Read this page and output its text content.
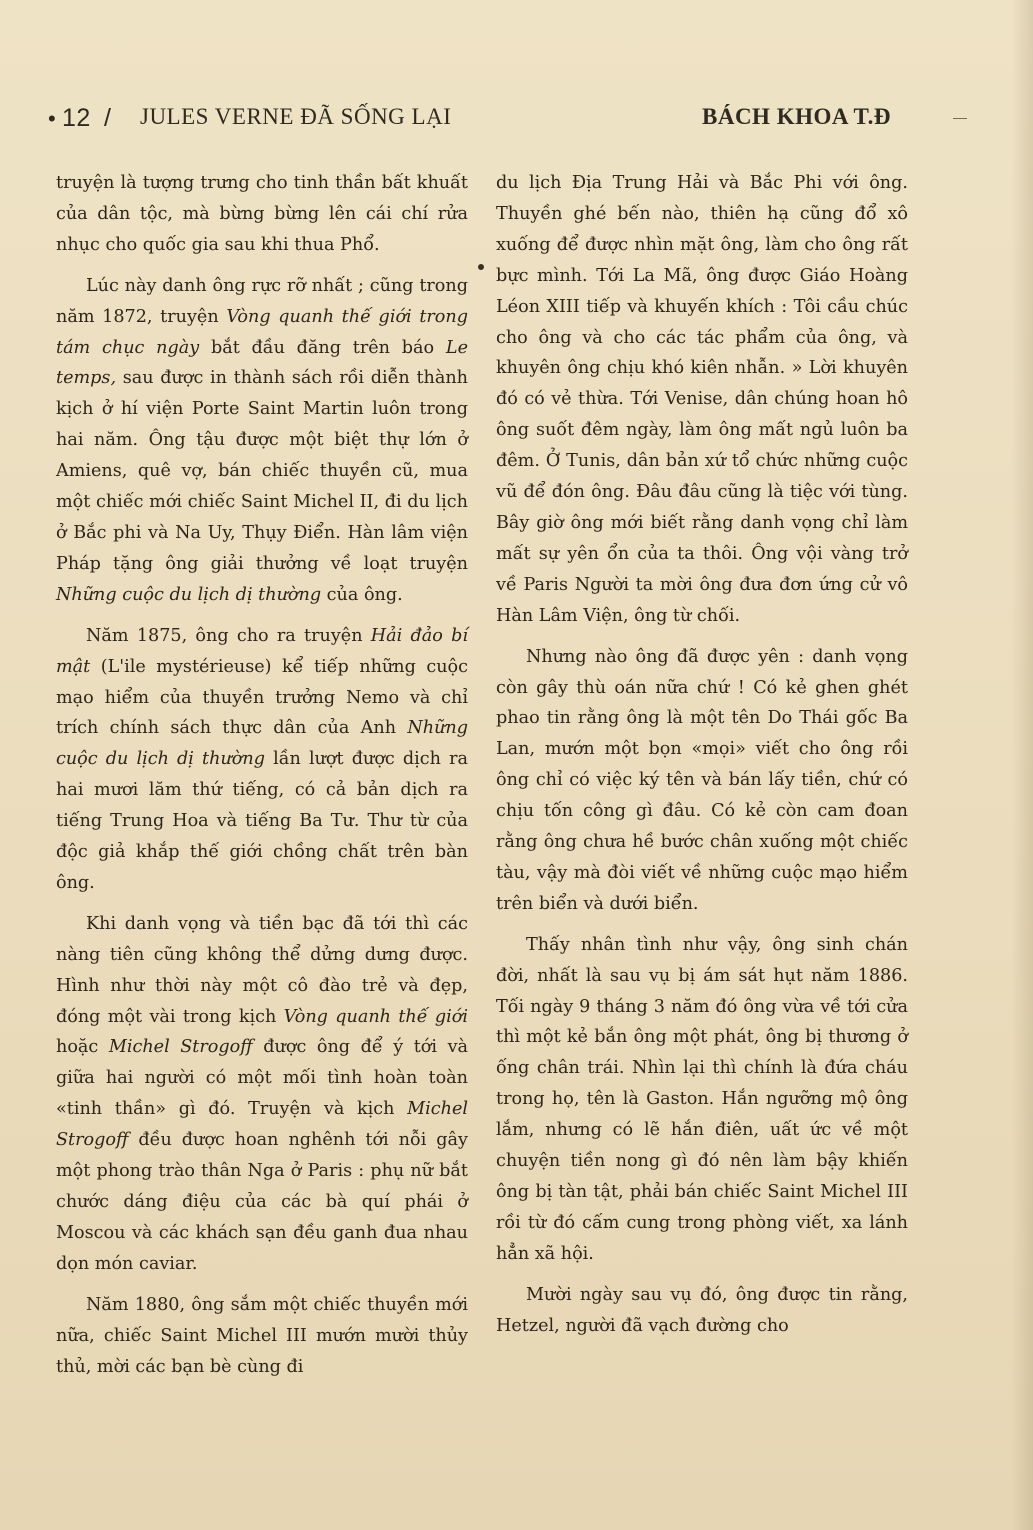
• 12 / JULES VERNE ĐÃ SỐNG LẠI	BÁCH KHOA T.Đ

truyện là tượng trưng cho tinh thần bất khuất của dân tộc, mà bừng bừng lên cái chí rửa nhục cho quốc gia sau khi thua Phổ.

Lúc này danh ông rực rỡ nhất ; cũng trong năm 1872, truyện Vòng quanh thế giới trong tám chục ngày bắt đầu đăng trên báo Le temps, sau được in thành sách rồi diễn thành kịch ở hí viện Porte Saint Martin luôn trong hai năm. Ông tậu được một biệt thự lớn ở Amiens, quê vợ, bán chiếc thuyền cũ, mua một chiếc mới chiếc Saint Michel II, đi du lịch ở Bắc phi và Na Uy, Thụy Điển. Hàn lâm viện Pháp tặng ông giải thưởng về loạt truyện Những cuộc du lịch dị thường của ông.

Năm 1875, ông cho ra truyện Hải đảo bí mật (L'ile mystérieuse) kể tiếp những cuộc mạo hiểm của thuyền trưởng Nemo và chỉ trích chính sách thực dân của Anh Những cuộc du lịch dị thường lần lượt được dịch ra hai mươi lăm thứ tiếng, có cả bản dịch ra tiếng Trung Hoa và tiếng Ba Tư. Thư từ của độc giả khắp thế giới chồng chất trên bàn ông.

Khi danh vọng và tiền bạc đã tới thì các nàng tiên cũng không thể dửng dưng được. Hình như thời này một cô đào trẻ và đẹp, đóng một vài trong kịch Vòng quanh thế giới hoặc Michel Strogoff được ông để ý tới và giữa hai người có một mối tình hoàn toàn «tinh thần» gì đó. Truyện và kịch Michel Strogoff đều được hoan nghênh tới nỗi gây một phong trào thân Nga ở Paris : phụ nữ bắt chước dáng điệu của các bà quí phái ở Moscou và các khách sạn đều ganh đua nhau dọn món caviar.

Năm 1880, ông sắm một chiếc thuyền mới nữa, chiếc Saint Michel III mướn mười thủy thủ, mời các bạn bè cùng đi

du lịch Địa Trung Hải và Bắc Phi với ông. Thuyền ghé bến nào, thiên hạ cũng đổ xô xuống để được nhìn mặt ông, làm cho ông rất bực mình. Tới La Mã, ông được Giáo Hoàng Léon XIII tiếp và khuyến khích : Tôi cầu chúc cho ông và cho các tác phẩm của ông, và khuyên ông chịu khó kiên nhẫn. » Lời khuyên đó có vẻ thừa. Tới Venise, dân chúng hoan hô ông suốt đêm ngày, làm ông mất ngủ luôn ba đêm. Ở Tunis, dân bản xứ tổ chức những cuộc vũ để đón ông. Đâu đâu cũng là tiệc với tùng. Bây giờ ông mới biết rằng danh vọng chỉ làm mất sự yên ổn của ta thôi. Ông vội vàng trở về Paris Người ta mời ông đưa đơn ứng cử vô Hàn Lâm Viện, ông từ chối.

Nhưng nào ông đã được yên : danh vọng còn gây thù oán nữa chứ ! Có kẻ ghen ghét phao tin rằng ông là một tên Do Thái gốc Ba Lan, mướn một bọn «mọi» viết cho ông rồi ông chỉ có việc ký tên và bán lấy tiền, chứ có chịu tốn công gì đâu. Có kẻ còn cam đoan rằng ông chưa hề bước chân xuống một chiếc tàu, vậy mà đòi viết về những cuộc mạo hiểm trên biển và dưới biển.

Thấy nhân tình như vậy, ông sinh chán đời, nhất là sau vụ bị ám sát hụt năm 1886. Tối ngày 9 tháng 3 năm đó ông vừa về tới cửa thì một kẻ bắn ông một phát, ông bị thương ở ống chân trái. Nhìn lại thì chính là đứa cháu trong họ, tên là Gaston. Hắn ngưỡng mộ ông lắm, nhưng có lẽ hắn điên, uất ức về một chuyện tiền nong gì đó nên làm bậy khiến ông bị tàn tật, phải bán chiếc Saint Michel III rồi từ đó cấm cung trong phòng viết, xa lánh hẳn xã hội.

Mười ngày sau vụ đó, ông được tin rằng, Hetzel, người đã vạch đường cho
